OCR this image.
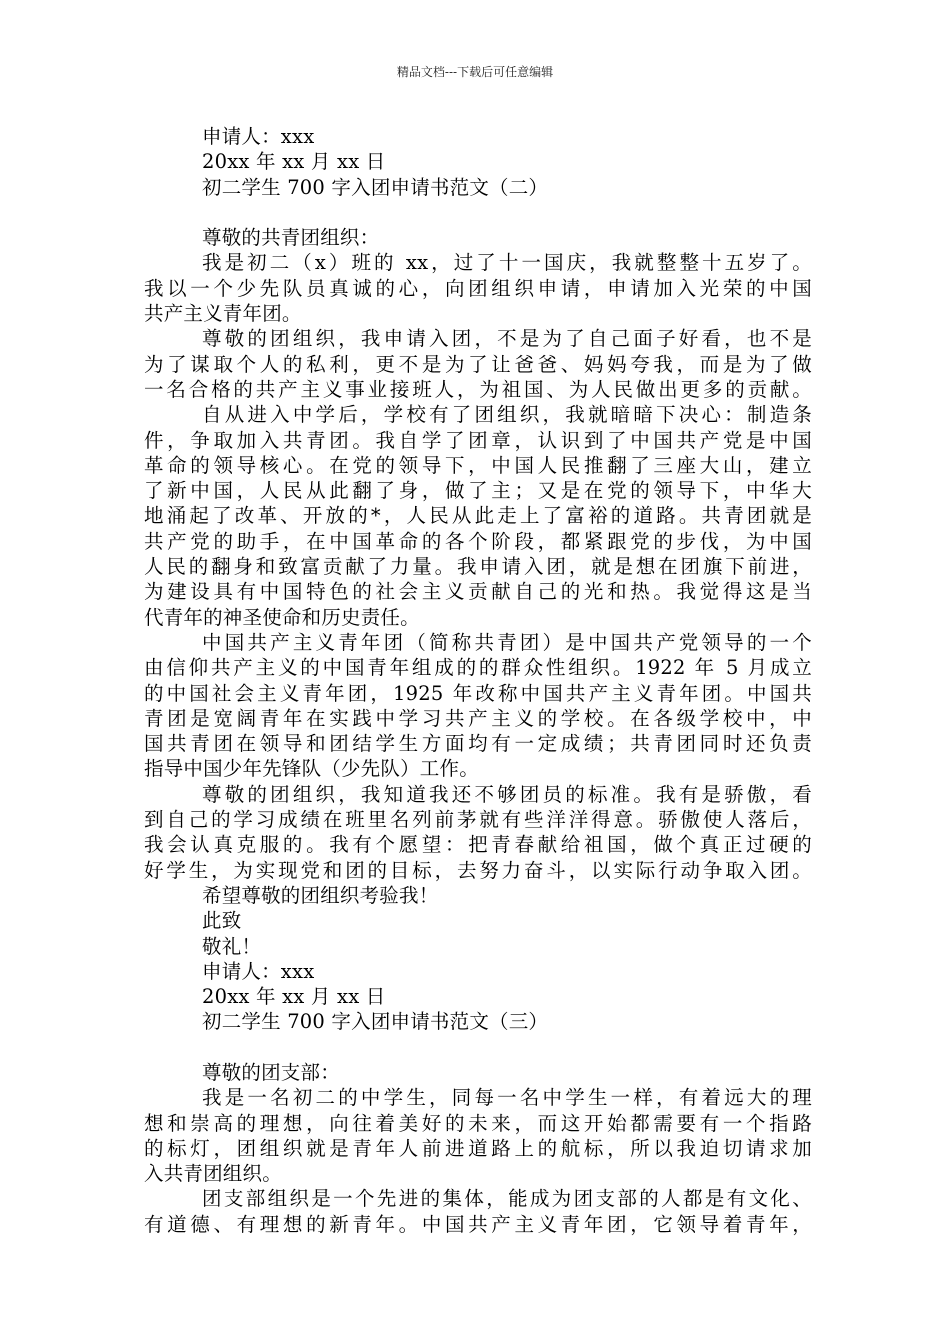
精品文档---下载后可任意编辑
申请人：xxx
20xx 年 xx 月 xx 日
初二学生 700 字入团申请书范文（二）
尊敬的共青团组织：
我是初二（x）班的 xx，过了十一国庆，我就整整十五岁了。
我以一个少先队员真诚的心，向团组织申请，申请加入光荣的中国
共产主义青年团。
尊敬的团组织，我申请入团，不是为了自己面子好看，也不是
为了谋取个人的私利，更不是为了让爸爸、妈妈夸我，而是为了做
一名合格的共产主义事业接班人，为祖国、为人民做出更多的贡献。
自从进入中学后，学校有了团组织，我就暗暗下决心：制造条
件，争取加入共青团。我自学了团章，认识到了中国共产党是中国
革命的领导核心。在党的领导下，中国人民推翻了三座大山，建立
了新中国，人民从此翻了身，做了主；又是在党的领导下，中华大
地涌起了改革、开放的*，人民从此走上了富裕的道路。共青团就是
共产党的助手，在中国革命的各个阶段，都紧跟党的步伐，为中国
人民的翻身和致富贡献了力量。我申请入团，就是想在团旗下前进，
为建设具有中国特色的社会主义贡献自己的光和热。我觉得这是当
代青年的神圣使命和历史责任。
中国共产主义青年团（简称共青团）是中国共产党领导的一个
由信仰共产主义的中国青年组成的的群众性组织。1922 年 5 月成立
的中国社会主义青年团，1925 年改称中国共产主义青年团。中国共
青团是宽阔青年在实践中学习共产主义的学校。在各级学校中，中
国共青团在领导和团结学生方面均有一定成绩；共青团同时还负责
指导中国少年先锋队（少先队）工作。
尊敬的团组织，我知道我还不够团员的标准。我有是骄傲，看
到自己的学习成绩在班里名列前茅就有些洋洋得意。骄傲使人落后，
我会认真克服的。我有个愿望：把青春献给祖国，做个真正过硬的
好学生，为实现党和团的目标，去努力奋斗，以实际行动争取入团。
希望尊敬的团组织考验我！
此致
敬礼！
申请人：xxx
20xx 年 xx 月 xx 日
初二学生 700 字入团申请书范文（三）
尊敬的团支部：
我是一名初二的中学生，同每一名中学生一样，有着远大的理
想和崇高的理想，向往着美好的未来，而这开始都需要有一个指路
的标灯，团组织就是青年人前进道路上的航标，所以我迫切请求加
入共青团组织。
团支部组织是一个先进的集体，能成为团支部的人都是有文化、
有道德、有理想的新青年。中国共产主义青年团，它领导着青年，
